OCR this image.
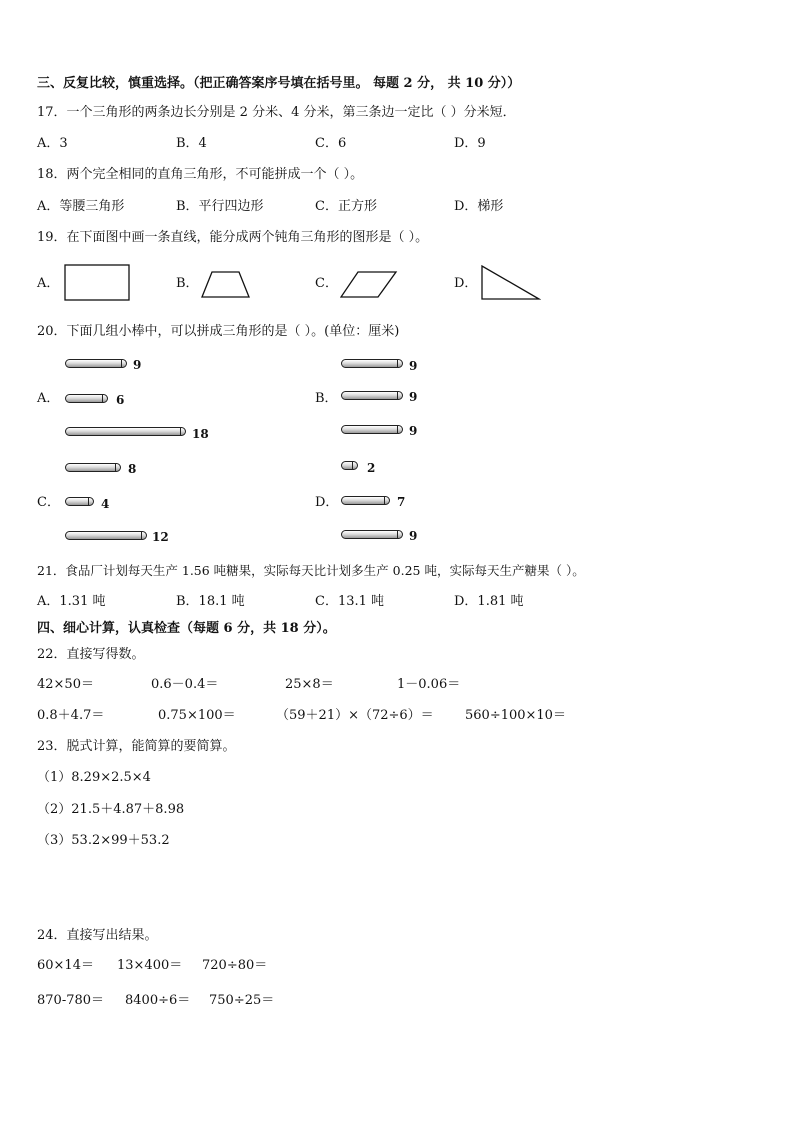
三、反复比较，慎重选择。（把正确答案序号填在括号里。 每题 2 分， 共 10 分））
17．一个三角形的两条边长分别是 2 分米、4 分米，第三条边一定比（ ）分米短．
A．3	B．4	C．6	D．9
18．两个完全相同的直角三角形，不可能拼成一个（ ）。
A．等腰三角形	B．平行四边形	C．正方形	D．梯形
19．在下面图中画一条直线，能分成两个钝角三角形的图形是（ ）。
A．	B．	C．	D．
20．下面几组小棒中，可以拼成三角形的是（ ）。(单位：厘米)
A．
9
6
18
B．
9
9
9
C．
8
4
12
D．
2
7
9
21．食品厂计划每天生产 1.56 吨糖果，实际每天比计划多生产 0.25 吨，实际每天生产糖果（ ）。
A．1.31 吨	B．18.1 吨	C．13.1 吨	D．1.81 吨
四、细心计算，认真检查（每题 6 分，共 18 分）。
22．直接写得数。
42×50＝	0.6－0.4＝	25×8＝	1－0.06＝
0.8＋4.7＝	0.75×100＝	（59＋21）×（72÷6）＝ 560÷100×10＝
23．脱式计算，能简算的要简算。
（1）8.29×2.5×4
（2）21.5＋4.87＋8.98
（3）53.2×99＋53.2
24．直接写出结果。
60×14＝ 13×400＝ 720÷80＝
870-780＝ 8400÷6＝ 750÷25＝
